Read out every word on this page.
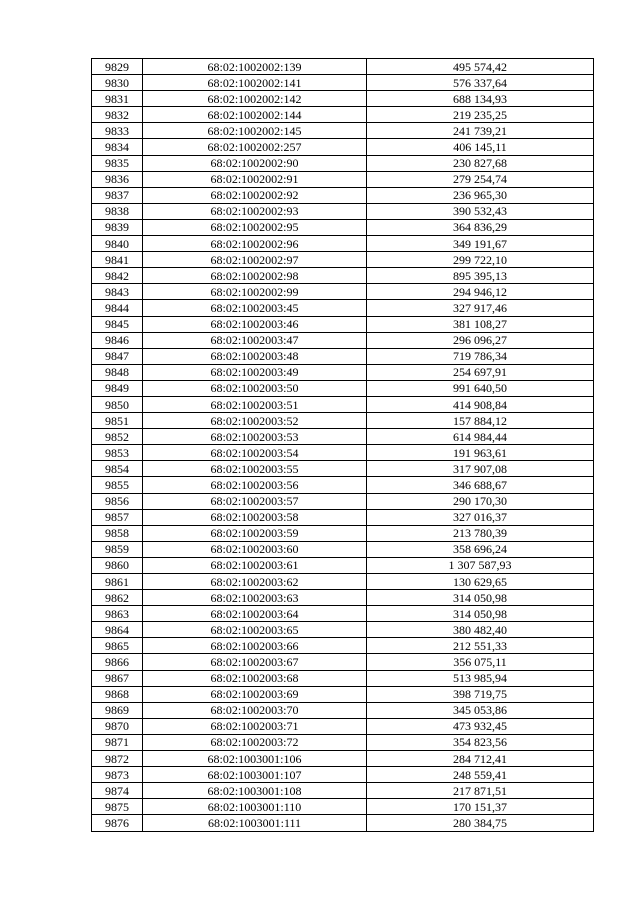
9829	68:02:1002002:139	495 574,42
9830	68:02:1002002:141	576 337,64
9831	68:02:1002002:142	688 134,93
9832	68:02:1002002:144	219 235,25
9833	68:02:1002002:145	241 739,21
9834	68:02:1002002:257	406 145,11
9835	68:02:1002002:90	230 827,68
9836	68:02:1002002:91	279 254,74
9837	68:02:1002002:92	236 965,30
9838	68:02:1002002:93	390 532,43
9839	68:02:1002002:95	364 836,29
9840	68:02:1002002:96	349 191,67
9841	68:02:1002002:97	299 722,10
9842	68:02:1002002:98	895 395,13
9843	68:02:1002002:99	294 946,12
9844	68:02:1002003:45	327 917,46
9845	68:02:1002003:46	381 108,27
9846	68:02:1002003:47	296 096,27
9847	68:02:1002003:48	719 786,34
9848	68:02:1002003:49	254 697,91
9849	68:02:1002003:50	991 640,50
9850	68:02:1002003:51	414 908,84
9851	68:02:1002003:52	157 884,12
9852	68:02:1002003:53	614 984,44
9853	68:02:1002003:54	191 963,61
9854	68:02:1002003:55	317 907,08
9855	68:02:1002003:56	346 688,67
9856	68:02:1002003:57	290 170,30
9857	68:02:1002003:58	327 016,37
9858	68:02:1002003:59	213 780,39
9859	68:02:1002003:60	358 696,24
9860	68:02:1002003:61	1 307 587,93
9861	68:02:1002003:62	130 629,65
9862	68:02:1002003:63	314 050,98
9863	68:02:1002003:64	314 050,98
9864	68:02:1002003:65	380 482,40
9865	68:02:1002003:66	212 551,33
9866	68:02:1002003:67	356 075,11
9867	68:02:1002003:68	513 985,94
9868	68:02:1002003:69	398 719,75
9869	68:02:1002003:70	345 053,86
9870	68:02:1002003:71	473 932,45
9871	68:02:1002003:72	354 823,56
9872	68:02:1003001:106	284 712,41
9873	68:02:1003001:107	248 559,41
9874	68:02:1003001:108	217 871,51
9875	68:02:1003001:110	170 151,37
9876	68:02:1003001:111	280 384,75
